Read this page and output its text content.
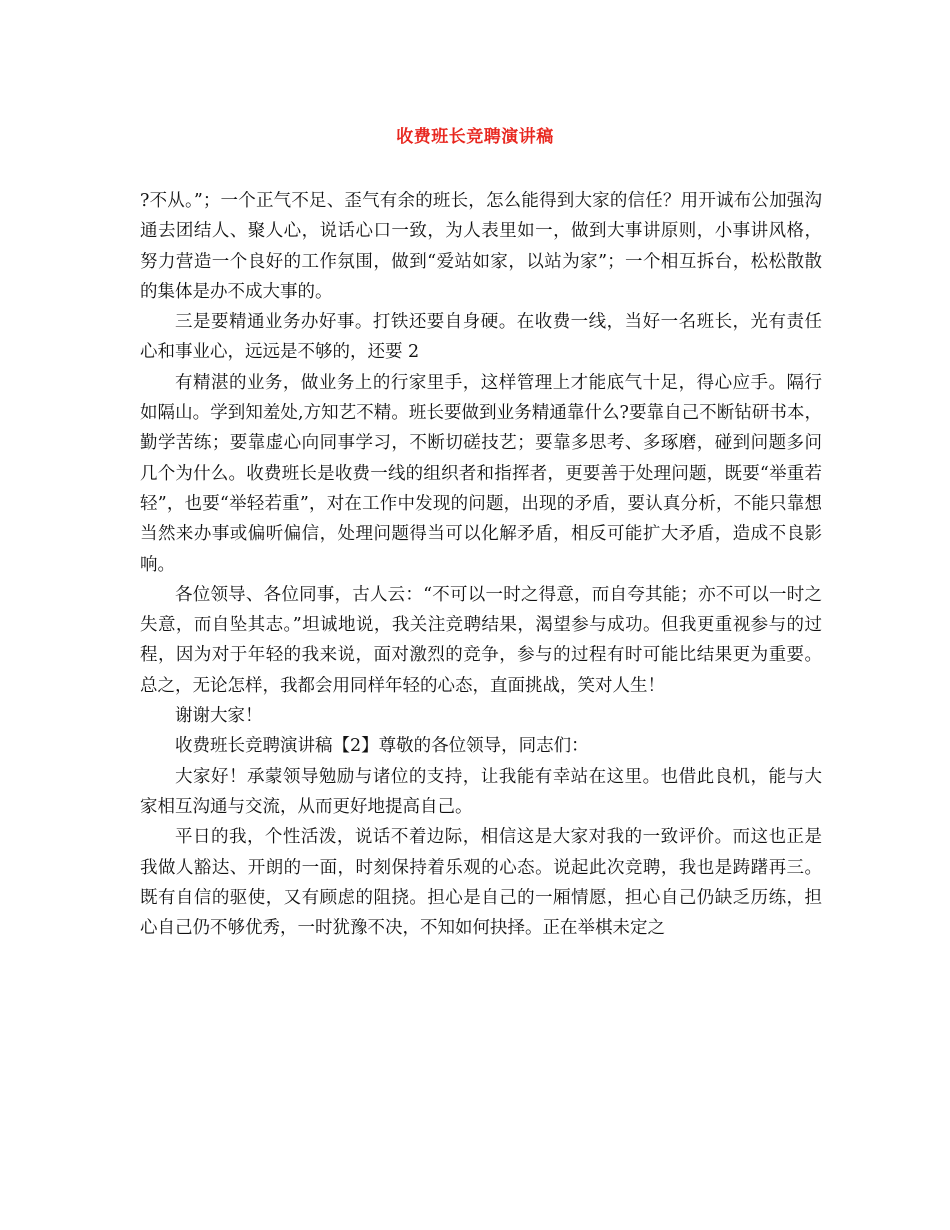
收费班长竞聘演讲稿

?不从。”；一个正气不足、歪气有余的班长，怎么能得到大家的信任？用开诚布公加强沟通去团结人、聚人心，说话心口一致，为人表里如一，做到大事讲原则，小事讲风格，努力营造一个良好的工作氛围，做到“爱站如家，以站为家”；一个相互拆台，松松散散的集体是办不成大事的。

三是要精通业务办好事。打铁还要自身硬。在收费一线，当好一名班长，光有责任心和事业心，远远是不够的，还要 2

有精湛的业务，做业务上的行家里手，这样管理上才能底气十足，得心应手。隔行如隔山。学到知羞处,方知艺不精。班长要做到业务精通靠什么?要靠自己不断钻研书本，勤学苦练；要靠虚心向同事学习，不断切磋技艺；要靠多思考、多琢磨，碰到问题多问几个为什么。收费班长是收费一线的组织者和指挥者，更要善于处理问题，既要“举重若轻”，也要“举轻若重”，对在工作中发现的问题，出现的矛盾，要认真分析，不能只靠想当然来办事或偏听偏信，处理问题得当可以化解矛盾，相反可能扩大矛盾，造成不良影响。

各位领导、各位同事，古人云：“不可以一时之得意，而自夸其能；亦不可以一时之失意，而自坠其志。”坦诚地说，我关注竞聘结果，渴望参与成功。但我更重视参与的过程，因为对于年轻的我来说，面对激烈的竞争，参与的过程有时可能比结果更为重要。总之，无论怎样，我都会用同样年轻的心态，直面挑战，笑对人生！

谢谢大家！

收费班长竞聘演讲稿【2】尊敬的各位领导，同志们：

大家好！承蒙领导勉励与诸位的支持，让我能有幸站在这里。也借此良机，能与大家相互沟通与交流，从而更好地提高自己。

平日的我，个性活泼，说话不着边际，相信这是大家对我的一致评价。而这也正是我做人豁达、开朗的一面，时刻保持着乐观的心态。说起此次竞聘，我也是踌躇再三。既有自信的驱使，又有顾虑的阻挠。担心是自己的一厢情愿，担心自己仍缺乏历练，担心自己仍不够优秀，一时犹豫不决，不知如何抉择。正在举棋未定之
